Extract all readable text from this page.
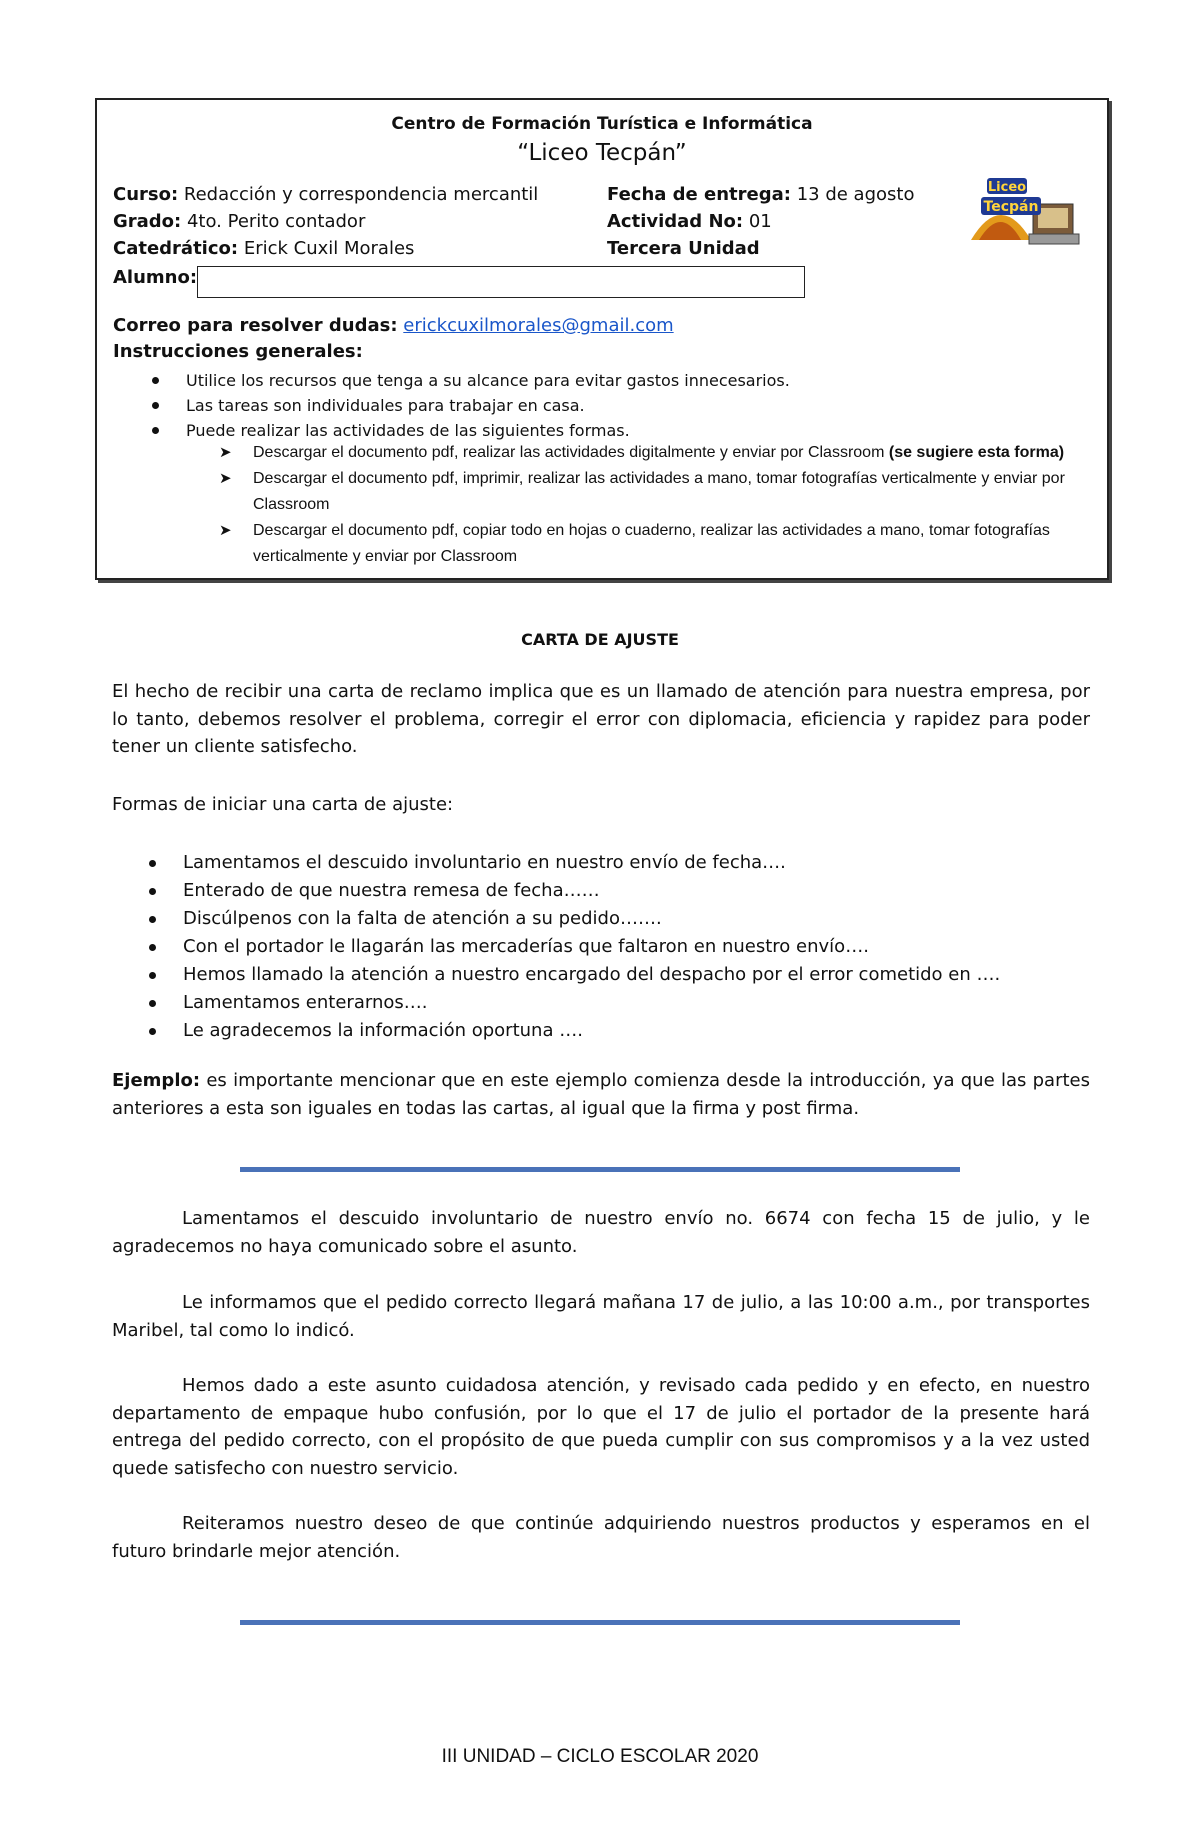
Centro de Formación Turística e Informática
“Liceo Tecpán”
Curso: Redacción y correspondencia mercantil	Fecha de entrega: 13 de agosto
Grado: 4to. Perito contador	Actividad No: 01
Catedrático: Erick Cuxil Morales	Tercera Unidad
Alumno:
Liceo
Tecpán
Correo para resolver dudas: erickcuxilmorales@gmail.com
Instrucciones generales:
Utilice los recursos que tenga a su alcance para evitar gastos innecesarios.
Las tareas son individuales para trabajar en casa.
Puede realizar las actividades de las siguientes formas.
➤ Descargar el documento pdf, realizar las actividades digitalmente y enviar por Classroom (se sugiere esta forma)
➤ Descargar el documento pdf, imprimir, realizar las actividades a mano, tomar fotografías verticalmente y enviar por Classroom
➤ Descargar el documento pdf, copiar todo en hojas o cuaderno, realizar las actividades a mano, tomar fotografías verticalmente y enviar por Classroom
CARTA DE AJUSTE
El hecho de recibir una carta de reclamo implica que es un llamado de atención para nuestra empresa, por lo tanto, debemos resolver el problema, corregir el error con diplomacia, eficiencia y rapidez para poder tener un cliente satisfecho.
Formas de iniciar una carta de ajuste:
Lamentamos el descuido involuntario en nuestro envío de fecha….
Enterado de que nuestra remesa de fecha……
Discúlpenos con la falta de atención a su pedido…….
Con el portador le llagarán las mercaderías que faltaron en nuestro envío….
Hemos llamado la atención a nuestro encargado del despacho por el error cometido en ….
Lamentamos enterarnos….
Le agradecemos la información oportuna ….
Ejemplo: es importante mencionar que en este ejemplo comienza desde la introducción, ya que las partes anteriores a esta son iguales en todas las cartas, al igual que la firma y post firma.
Lamentamos el descuido involuntario de nuestro envío no. 6674 con fecha 15 de julio, y le agradecemos no haya comunicado sobre el asunto.
Le informamos que el pedido correcto llegará mañana 17 de julio, a las 10:00 a.m., por transportes Maribel, tal como lo indicó.
Hemos dado a este asunto cuidadosa atención, y revisado cada pedido y en efecto, en nuestro departamento de empaque hubo confusión, por lo que el 17 de julio el portador de la presente hará entrega del pedido correcto, con el propósito de que pueda cumplir con sus compromisos y a la vez usted quede satisfecho con nuestro servicio.
Reiteramos nuestro deseo de que continúe adquiriendo nuestros productos y esperamos en el futuro brindarle mejor atención.
III UNIDAD – CICLO ESCOLAR 2020
